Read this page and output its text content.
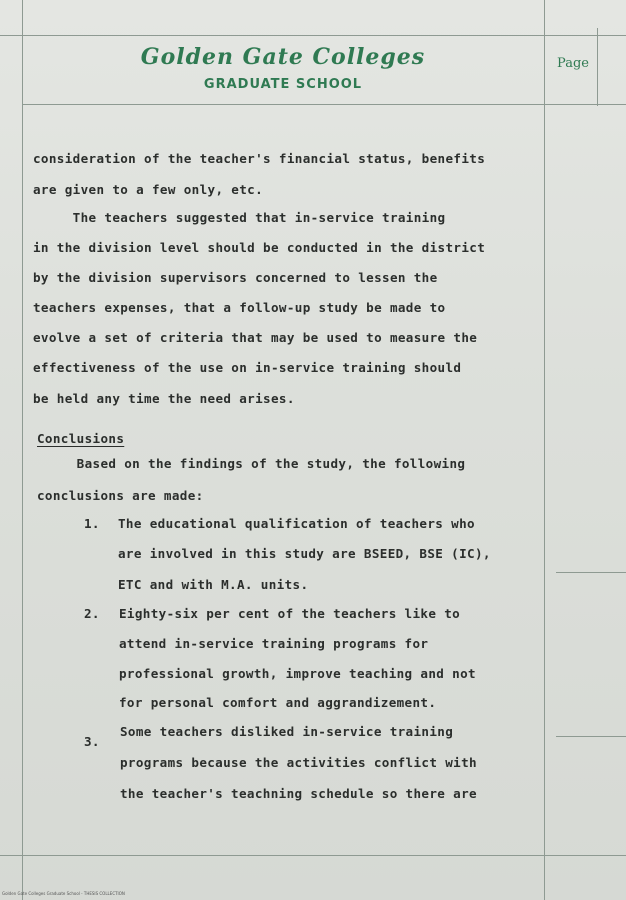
Golden Gate Colleges
GRADUATE SCHOOL
Page
consideration of the teacher's financial status, benefits
are given to a few only, etc.
The teachers suggested that in-service training
in the division level should be conducted in the district
by the division supervisors concerned to lessen the
teachers expenses, that a follow-up study be made to
evolve a set of criteria that may be used to measure the
effectiveness of the use on in-service training should
be held any time the need arises.
Conclusions
Based on the findings of the study, the following
conclusions are made:
1. The educational qualification of teachers who
are involved in this study are BSEED, BSE (IC),
ETC and with M.A. units.
2. Eighty-six per cent of the teachers like to
attend in-service training programs for
professional growth, improve teaching and not
for personal comfort and aggrandizement.
3.
Some teachers disliked in-service training
programs because the activities conflict with
the teacher's teachning schedule so there are
Golden Gate Colleges Graduate School - THESIS COLLECTION
